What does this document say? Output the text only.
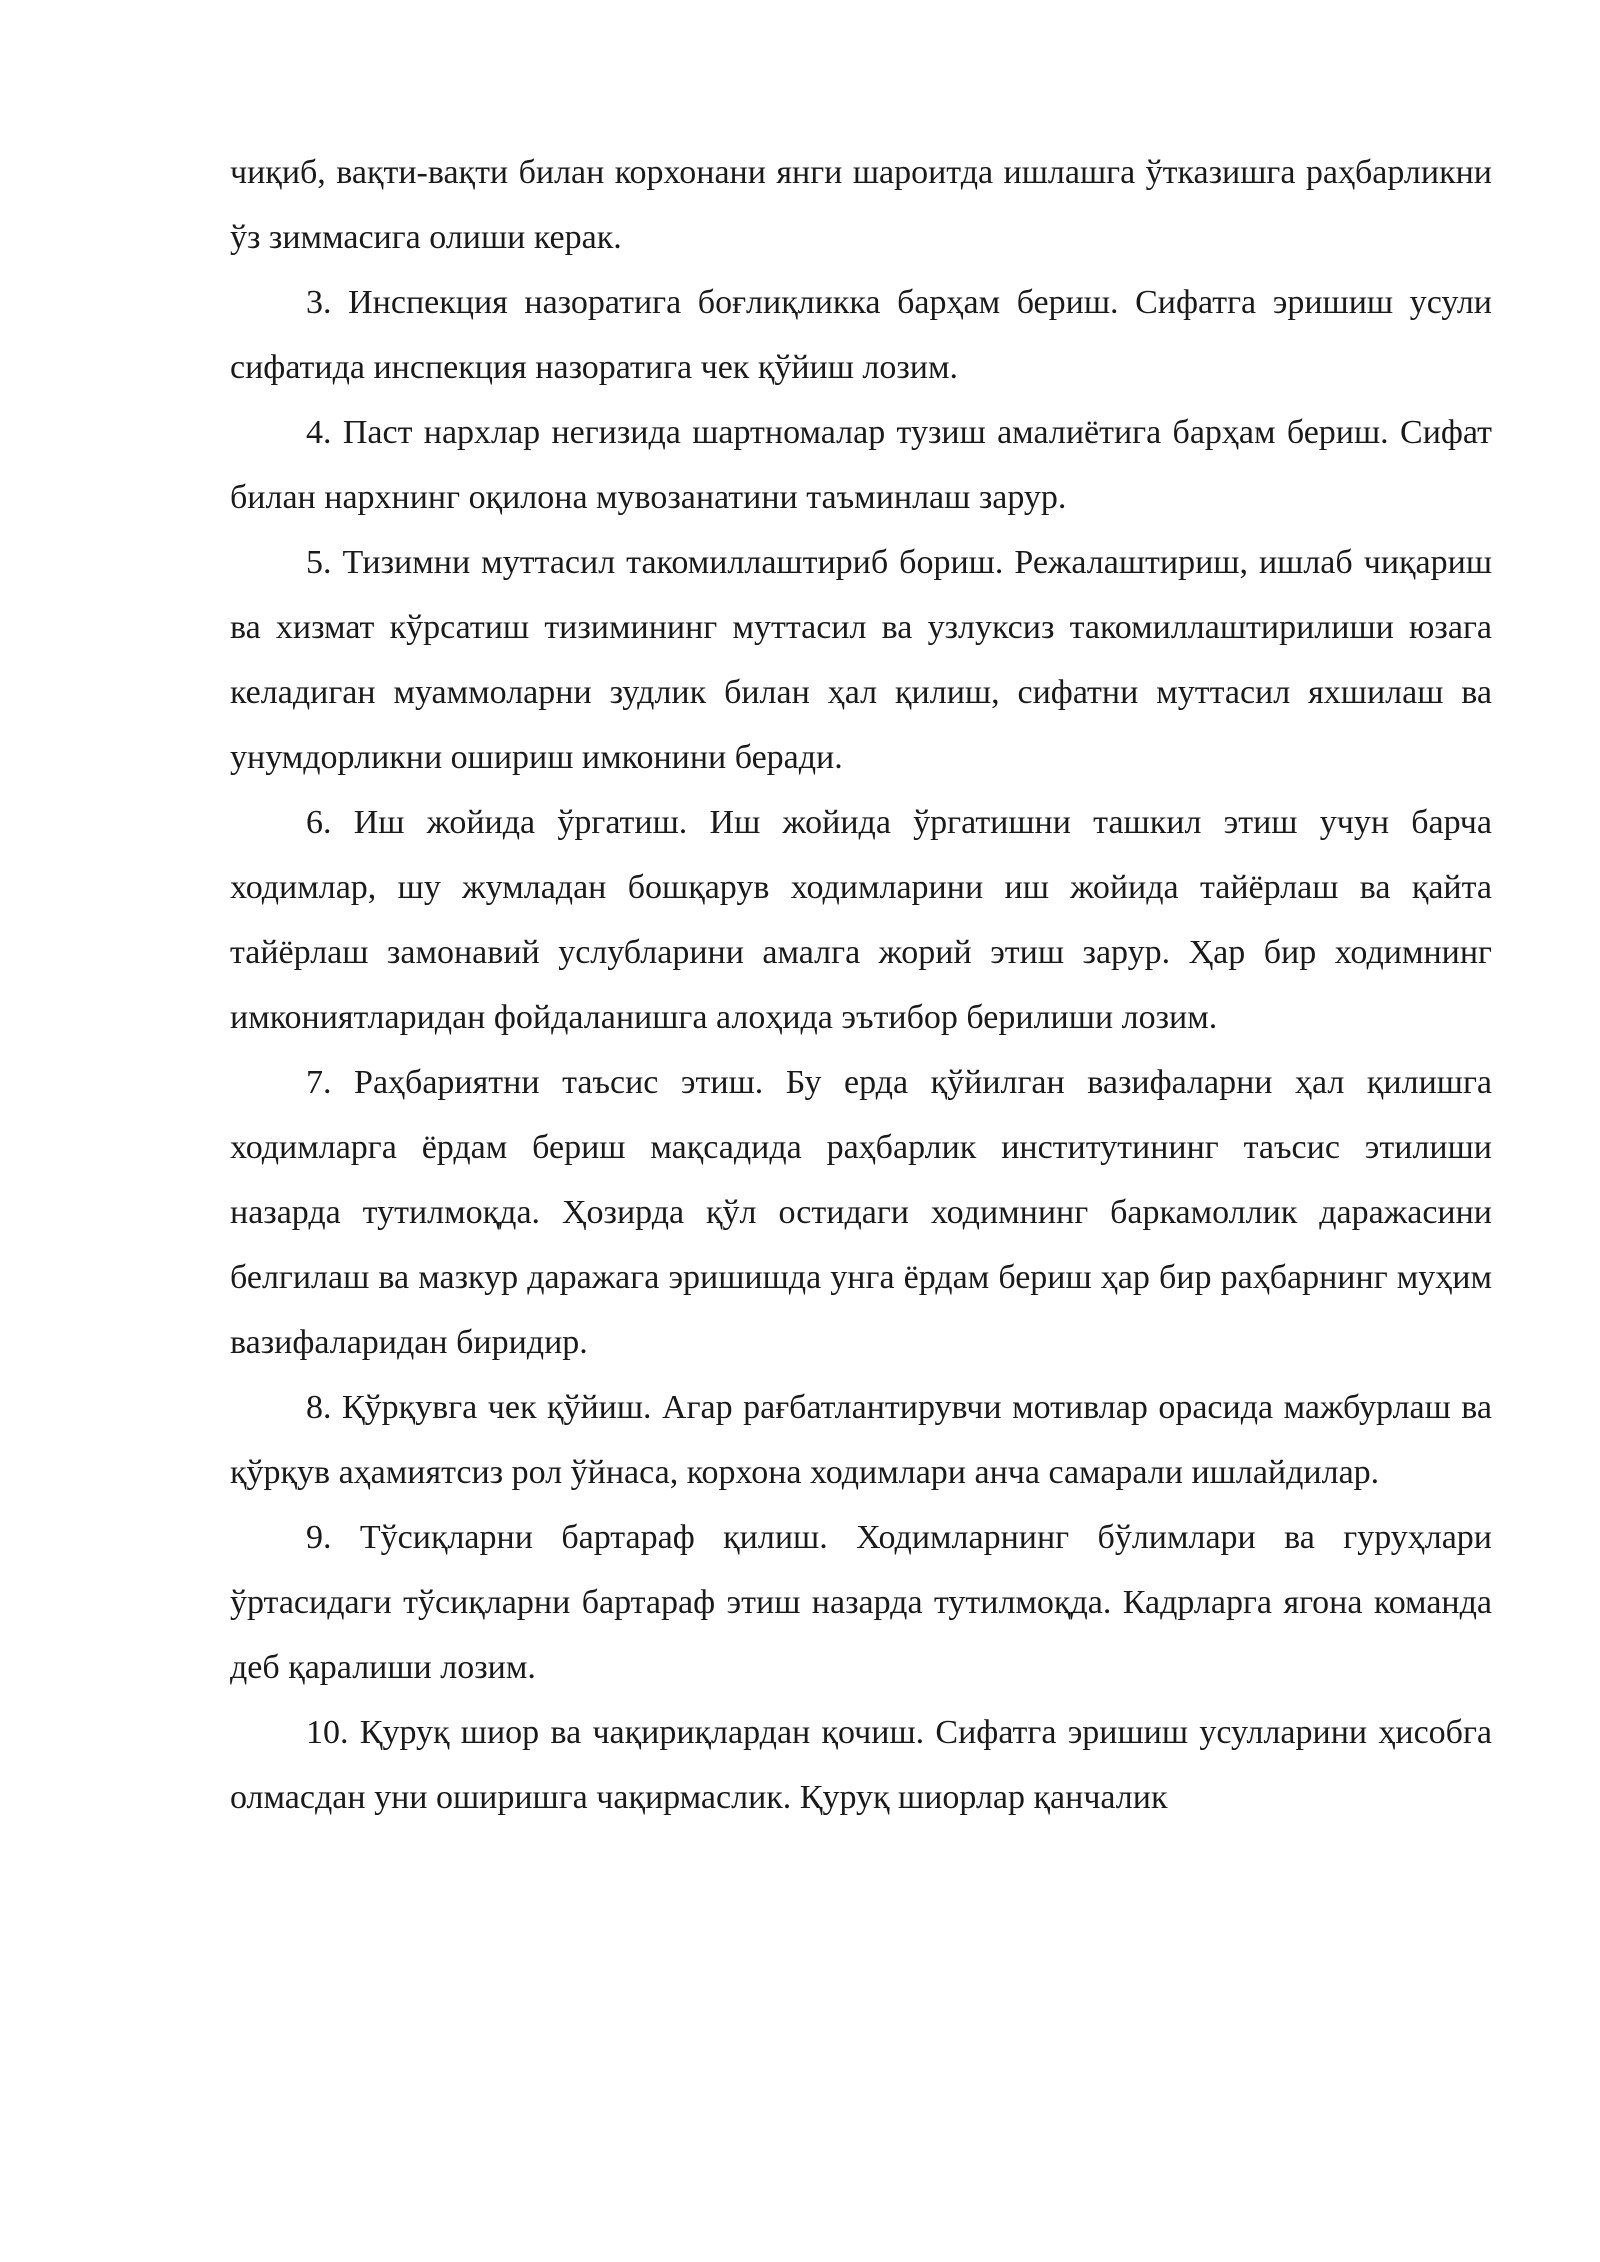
чиқиб, вақти-вақти билан корхонани янги шароитда ишлашга ўтказишга раҳбарликни ўз зиммасига олиши керак.

3. Инспекция назоратига боғлиқликка барҳам бериш. Сифатга эришиш усули сифатида инспекция назоратига чек қўйиш лозим.

4. Паст нархлар негизида шартномалар тузиш амалиётига барҳам бериш. Сифат билан нархнинг оқилона мувозанатини таъминлаш зарур.

5. Тизимни муттасил такомиллаштириб бориш. Режалаштириш, ишлаб чиқариш ва хизмат кўрсатиш тизимининг муттасил ва узлуксиз такомиллаштирилиши юзага келадиган муаммоларни зудлик билан ҳал қилиш, сифатни муттасил яхшилаш ва унумдорликни ошириш имконини беради.

6. Иш жойида ўргатиш. Иш жойида ўргатишни ташкил этиш учун барча ходимлар, шу жумладан бошқарув ходимларини иш жойида тайёрлаш ва қайта тайёрлаш замонавий услубларини амалга жорий этиш зарур. Ҳар бир ходимнинг имкониятларидан фойдаланишга алоҳида эътибор берилиши лозим.

7. Раҳбариятни таъсис этиш. Бу ерда қўйилган вазифаларни ҳал қилишга ходимларга ёрдам бериш мақсадида раҳбарлик институтининг таъсис этилиши назарда тутилмоқда. Ҳозирда қўл остидаги ходимнинг баркамоллик даражасини белгилаш ва мазкур даражага эришишда унга ёрдам бериш ҳар бир раҳбарнинг муҳим вазифаларидан биридир.

8. Қўрқувга чек қўйиш. Агар рағбатлантирувчи мотивлар орасида мажбурлаш ва қўрқув аҳамиятсиз рол ўйнаса, корхона ходимлари анча самарали ишлайдилар.

9. Тўсиқларни бартараф қилиш. Ходимларнинг бўлимлари ва гуруҳлари ўртасидаги тўсиқларни бартараф этиш назарда тутилмоқда. Кадрларга ягона команда деб қаралиши лозим.

10. Қуруқ шиор ва чақириқлардан қочиш. Сифатга эришиш усулларини ҳисобга олмасдан уни оширишга чақирмаслик. Қуруқ шиорлар қанчалик
